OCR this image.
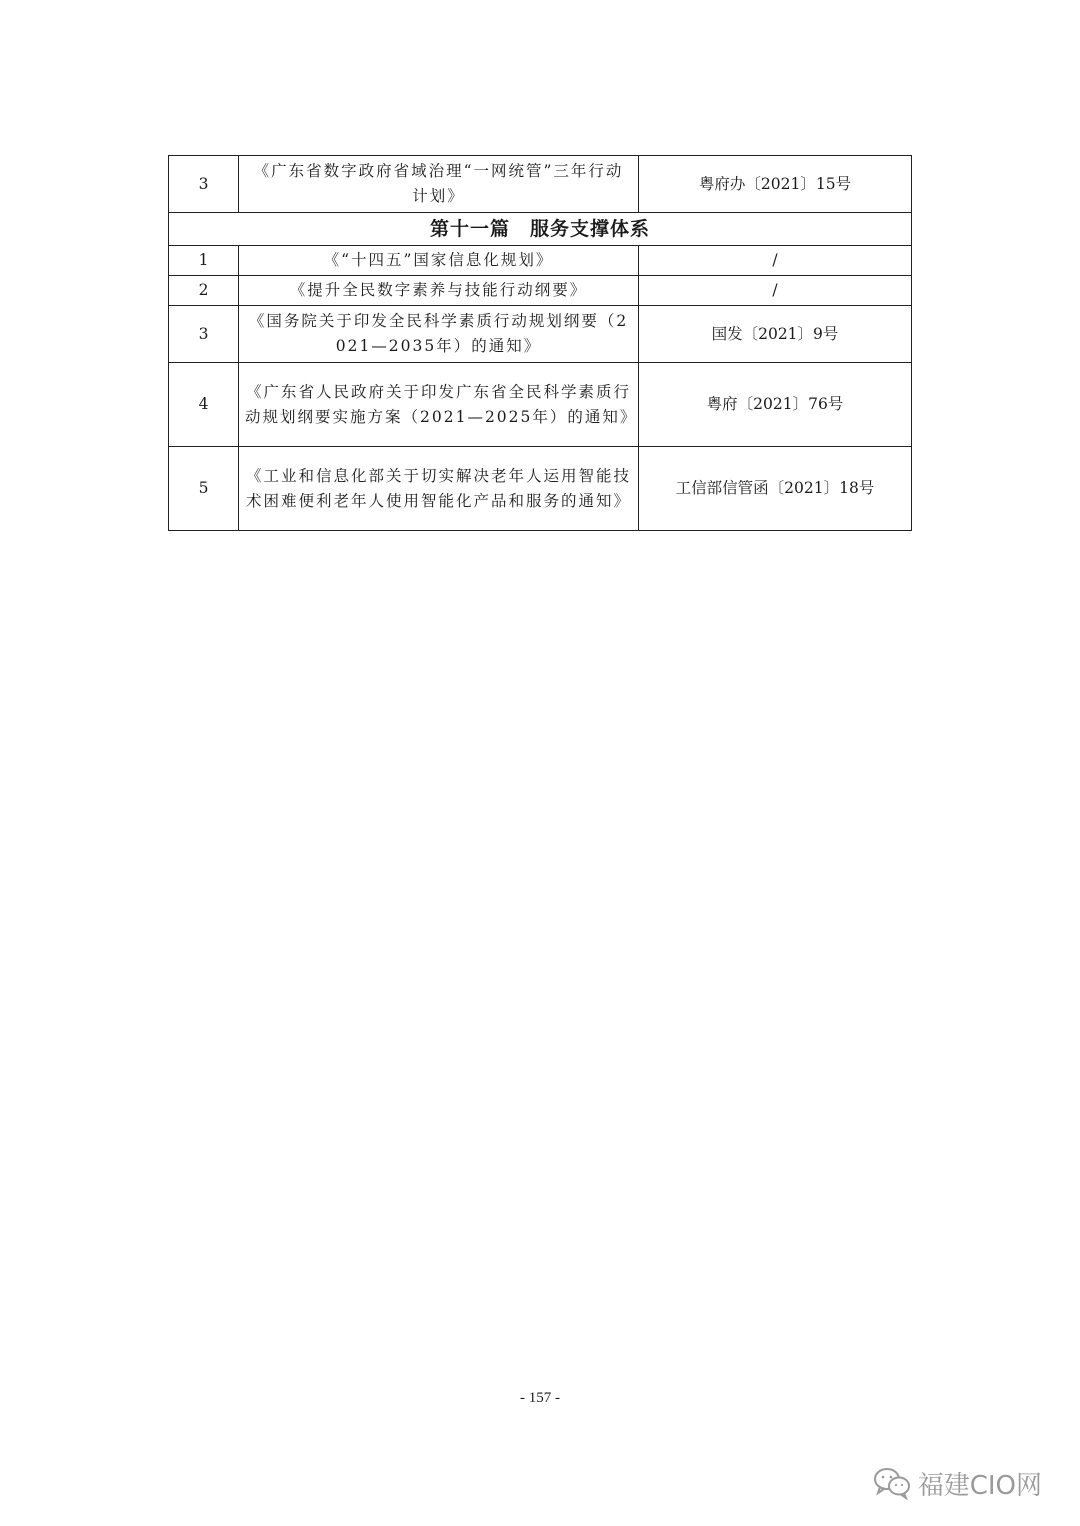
3	《广东省数字政府省域治理“一网统管”三年行动计划》	粤府办〔2021〕15号
第十一篇　服务支撑体系		
1	《“十四五”国家信息化规划》	/
2	《提升全民数字素养与技能行动纲要》	/
3	《国务院关于印发全民科学素质行动规划纲要（2021—2035年）的通知》	国发〔2021〕9号
4	《广东省人民政府关于印发广东省全民科学素质行动规划纲要实施方案（2021—2025年）的通知》	粤府〔2021〕76号
5	《工业和信息化部关于切实解决老年人运用智能技术困难便利老年人使用智能化产品和服务的通知》	工信部信管函〔2021〕18号
- 157 -
福建CIO网
